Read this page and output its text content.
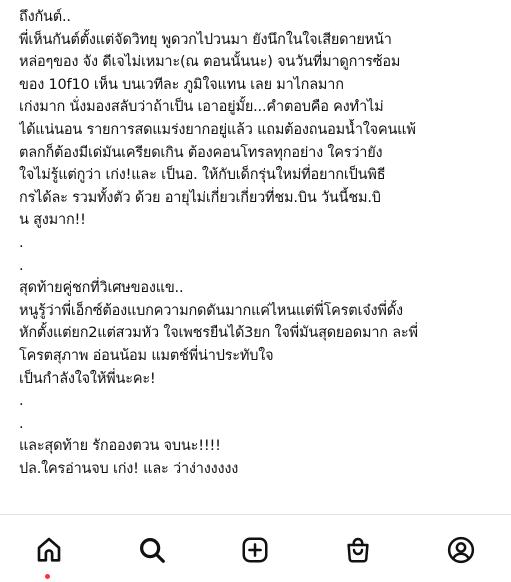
ถึงกันต์..
พี่เห็นกันต์ตั้งแต่จัดวิทยุ พูดวกไปวนมา ยังนึกในใจเสียดายหน้า
หล่อๆของ จัง ดีเจไม่เหมาะ(ณ ตอนนั้นนะ) จนวันที่มาดูการซ้อม
ของ 10f10 เห็น บนเวทีละ ภูมิใจแทน เลย มาไกลมาก
เก่งมาก นั่งมองสลับว่าถ้าเป็น เอาอยู่มั้ย...คำตอบคือ คงทำไม่
ได้แน่นอน รายการสดแมร่งยากอยู่แล้ว แถมต้องถนอมน้ำใจคนแพ้
ตลกก็ต้องมีเด่มันเครียดเกิน ต้องคอนโทรลทุกอย่าง ใครว่ายัง
ใจไม่รู้แต่กูว่า เก่ง!และ เป็นอ. ให้กับเด็กรุ่นใหม่ที่อยากเป็นพิธี
กรได้ละ รวมทั้งตัว ด้วย อายุไม่เกี่ยวเกี่ยวที่ชม.บิน วันนี้ชม.บิ
น สูงมาก!!
.
.
สุดท้ายคู่ชกที่วิเศษของแข..
หนูรู้ว่าพี่เอ็กซ์ต้องแบกความกดดันมากแค่ไหนแต่พี่โครตเจ๋งพี่ดั้ง
หักตั้งแต่ยก2แต่สวมหัว ใจเพชรยืนได้3ยก ใจพี่มันสุดยอดมาก ละพี่
โครตสุภาพ อ่อนน้อม แมตช์พี่น่าประทับใจ
เป็นกำลังใจให้พี่นะคะ!
.
.
และสุดท้าย รักอองตวน จบนะ!!!!
ปล.ใครอ่านจบ เก่ง! และ ว่าง่างงงงง
